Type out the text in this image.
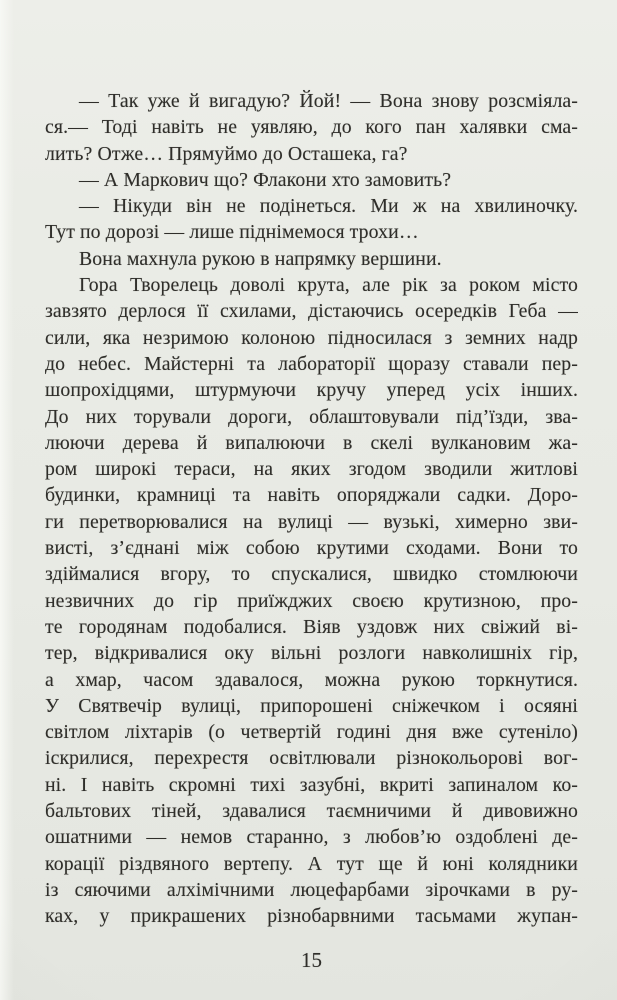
— Так уже й вигадую? Йой! — Вона знову розсміяла-
ся.— Тоді навіть не уявляю, до кого пан халявки сма-
лить? Отже… Прямуймо до Осташека, га?
— А Маркович що? Флакони хто замовить?
— Нікуди він не подінеться. Ми ж на хвилиночку.
Тут по дорозі — лише піднімемося трохи…
Вона махнула рукою в напрямку вершини.
Гора Творелець доволі крута, але рік за роком місто
завзято дерлося її схилами, дістаючись осередків Геба —
сили, яка незримою колоною підносилася з земних надр
до небес. Майстерні та лабораторії щоразу ставали пер-
шопрохідцями, штурмуючи кручу уперед усіх інших.
До них торували дороги, облаштовували під’їзди, зва-
люючи дерева й випалюючи в скелі вулкановим жа-
ром широкі тераси, на яких згодом зводили житлові
будинки, крамниці та навіть опоряджали садки. Доро-
ги перетворювалися на вулиці — вузькі, химерно зви-
висті, з’єднані між собою крутими сходами. Вони то
здіймалися вгору, то спускалися, швидко стомлюючи
незвичних до гір приїжджих своєю крутизною, про-
те городянам подобалися. Віяв уздовж них свіжий ві-
тер, відкривалися оку вільні розлоги навколишніх гір,
а хмар, часом здавалося, можна рукою торкнутися.
У Святвечір вулиці, припорошені сніжечком і осяяні
світлом ліхтарів (о четвертій годині дня вже сутеніло)
іскрилися, перехрестя освітлювали різнокольорові вог-
ні. І навіть скромні тихі зазубні, вкриті запиналом ко-
бальтових тіней, здавалися таємничими й дивовижно
ошатними — немов старанно, з любов’ю оздоблені де-
корації різдвяного вертепу. А тут ще й юні колядники
із сяючими алхімічними люцефарбами зірочками в ру-
ках, у прикрашених різнобарвними тасьмами жупан-
15
